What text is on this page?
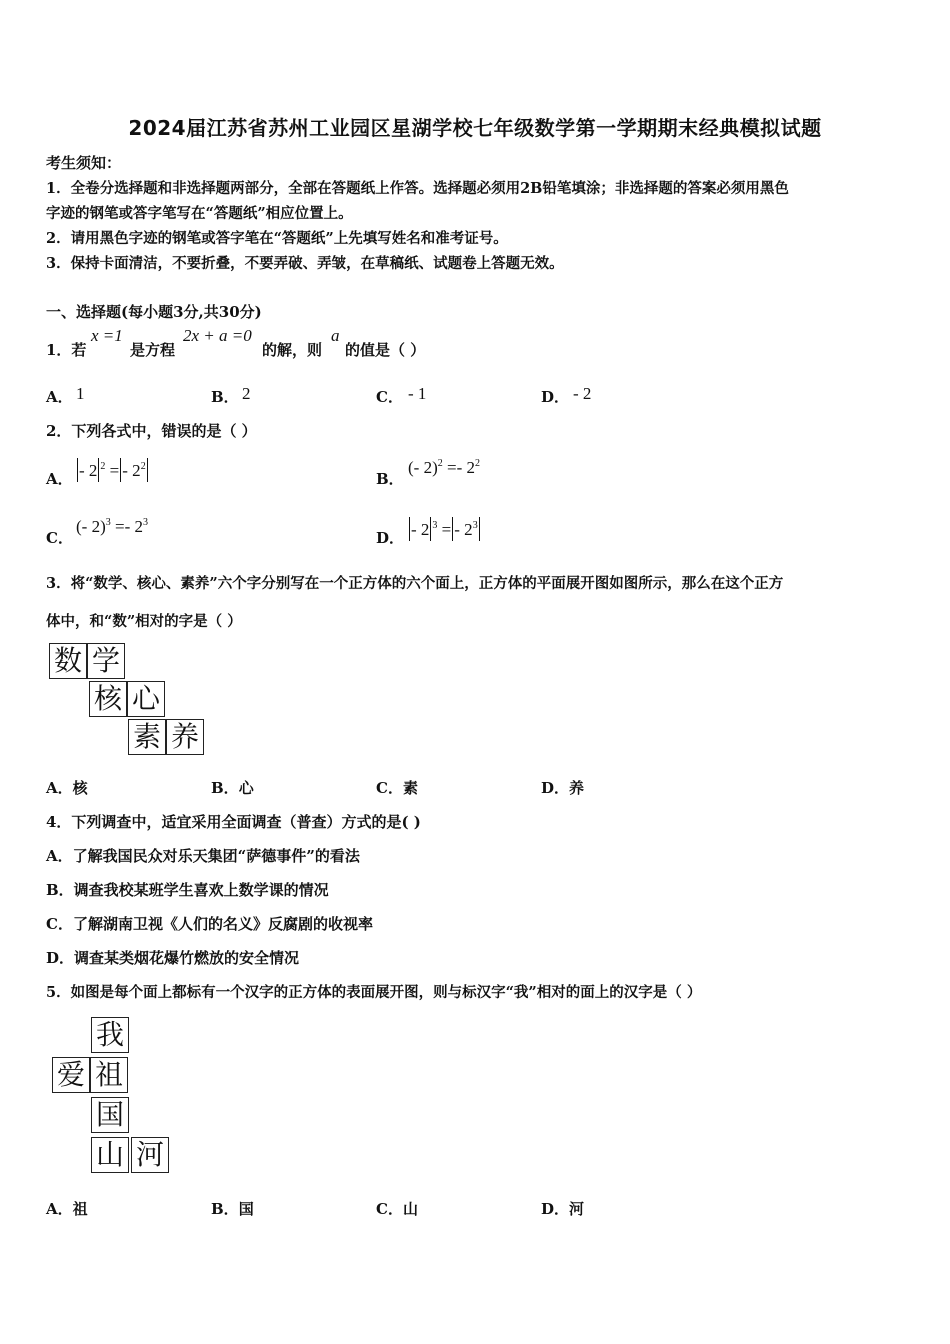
2024届江苏省苏州工业园区星湖学校七年级数学第一学期期末经典模拟试题
考生须知：
1．全卷分选择题和非选择题两部分，全部在答题纸上作答。选择题必须用2B铅笔填涂；非选择题的答案必须用黑色
字迹的钢笔或答字笔写在“答题纸”相应位置上。
2．请用黑色字迹的钢笔或答字笔在“答题纸”上先填写姓名和准考证号。
3．保持卡面清洁，不要折叠，不要弄破、弄皱，在草稿纸、试题卷上答题无效。
一、选择题(每小题3分,共30分)
1．若
x =1
是方程
2x + a =0
的解，则
a
的值是（ ）
A． 1	B． 2	C． - 1	D． - 2
2．下列各式中，错误的是（ ）
A． - 2 $^2$ = - $2^2$
B．
(- $2)^2 =- 2^2$
C．
(- $2)^3 =- 2^3$
D． - 2 $^3$ = - $2^3$
3．将“数学、核心、素养”六个字分别写在一个正方体的六个面上，正方体的平面展开图如图所示，那么在这个正方
体中，和“数”相对的字是（ ）
数 学
核 心
素 养
A．核	B．心	C．素	D．养
4．下列调查中，适宜采用全面调查（普查）方式的是( )
A．了解我国民众对乐天集团“萨德事件”的看法
B．调查我校某班学生喜欢上数学课的情况
C．了解湖南卫视《人们的名义》反腐剧的收视率
D．调查某类烟花爆竹燃放的安全情况
5．如图是每个面上都标有一个汉字的正方体的表面展开图，则与标汉字“我”相对的面上的汉字是（ ）
我
爱 祖
国
山 河
A．祖	B．国	C．山	D．河
